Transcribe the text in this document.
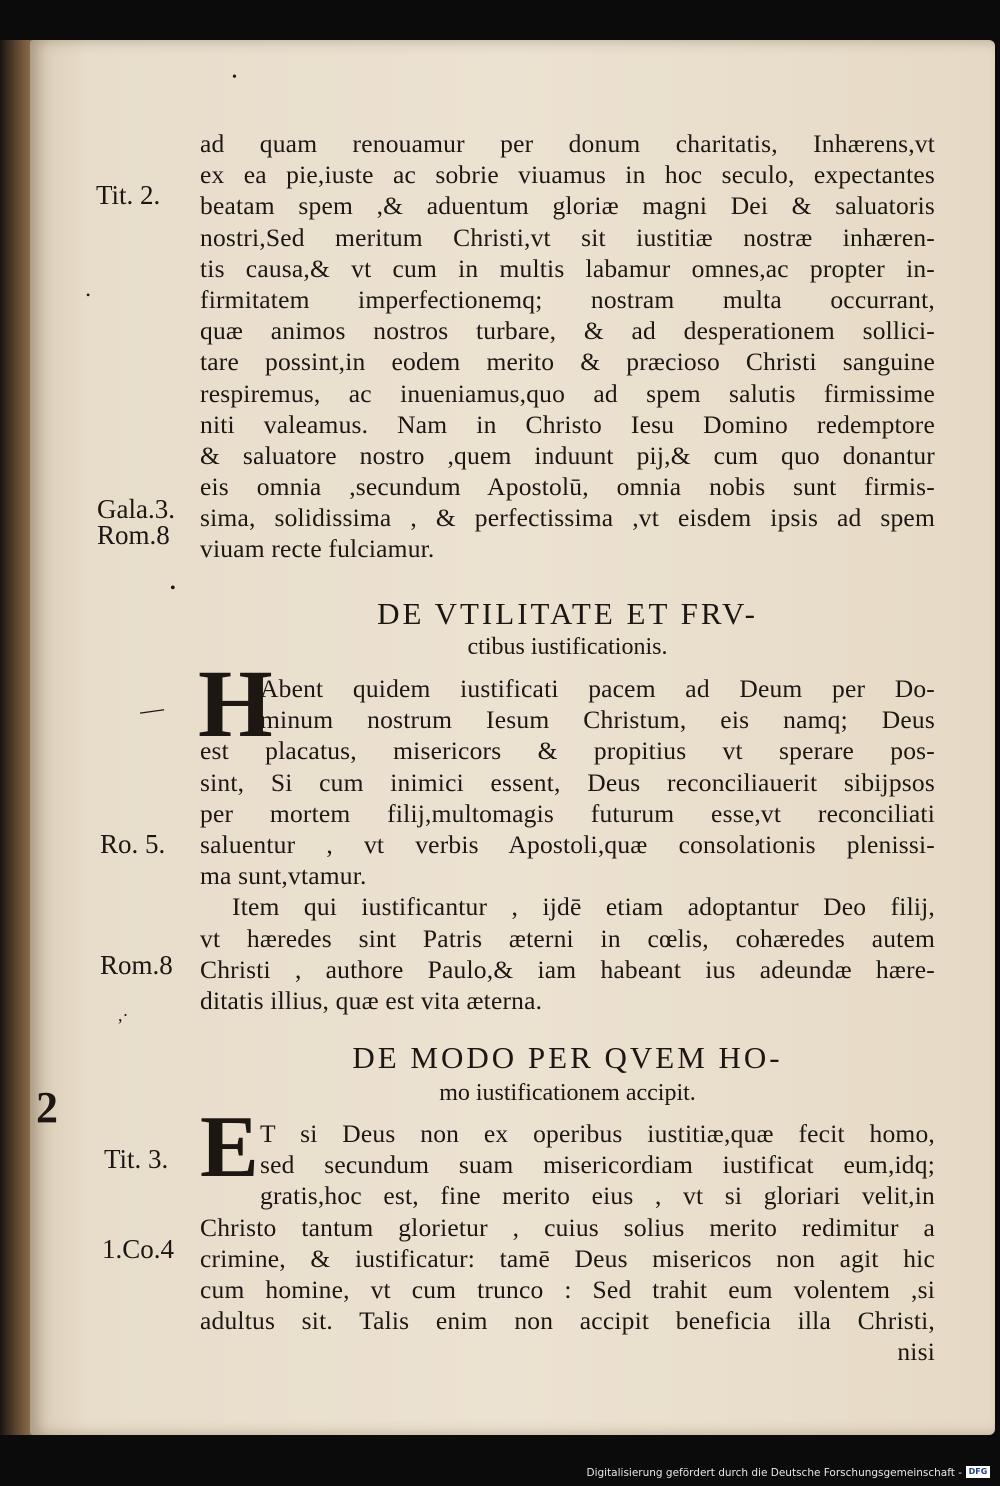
•
•
•
—
,·
2
Tit. 2.
Gala.3.
Rom.8
Ro. 5.
Rom.8
Tit. 3.
1.Co.4
ad quam renouamur per donum charitatis, Inhærens,vt
ex ea pie,iuste ac sobrie viuamus in hoc seculo, expectantes
beatam spem ,& aduentum gloriæ magni Dei & saluatoris
nostri,Sed meritum Christi,vt sit iustitiæ nostræ inhæren-
tis causa,& vt cum in multis labamur omnes,ac propter in-
firmitatem imperfectionemq; nostram multa occurrant,
quæ animos nostros turbare, & ad desperationem sollici-
tare possint,in eodem merito & præcioso Christi sanguine
respiremus, ac inueniamus,quo ad spem salutis firmissime
niti valeamus. Nam in Christo Iesu Domino redemptore
& saluatore nostro ,quem induunt pij,& cum quo donantur
eis omnia ,secundum Apostolū, omnia nobis sunt firmis-
sima, solidissima , & perfectissima ,vt eisdem ipsis ad spem
viuam recte fulciamur.
DE VTILITATE ET FRV-
ctibus iustificationis.
H
Abent quidem iustificati pacem ad Deum per Do-
minum nostrum Iesum Christum, eis namq; Deus
est placatus, misericors & propitius vt sperare pos-
sint, Si cum inimici essent, Deus reconciliauerit sibijpsos
per mortem filij,multomagis futurum esse,vt reconciliati
saluentur , vt verbis Apostoli,quæ consolationis plenissi-
ma sunt,vtamur.
Item qui iustificantur , ijdē etiam adoptantur Deo filij,
vt hæredes sint Patris æterni in cœlis, cohæredes autem
Christi , authore Paulo,& iam habeant ius adeundæ hære-
ditatis illius, quæ est vita æterna.
DE MODO PER QVEM HO-
mo iustificationem accipit.
E T si Deus non ex operibus iustitiæ,quæ fecit homo,
sed secundum suam misericordiam iustificat eum,idq;
gratis,hoc est, fine merito eius , vt si gloriari velit,in
Christo tantum glorietur , cuius solius merito redimitur a
crimine, & iustificatur: tamē Deus misericos non agit hic
cum homine, vt cum trunco : Sed trahit eum volentem ,si
adultus sit. Talis enim non accipit beneficia illa Christi,
nisi
Digitalisierung gefördert durch die Deutsche Forschungsgemeinschaft - DFG
